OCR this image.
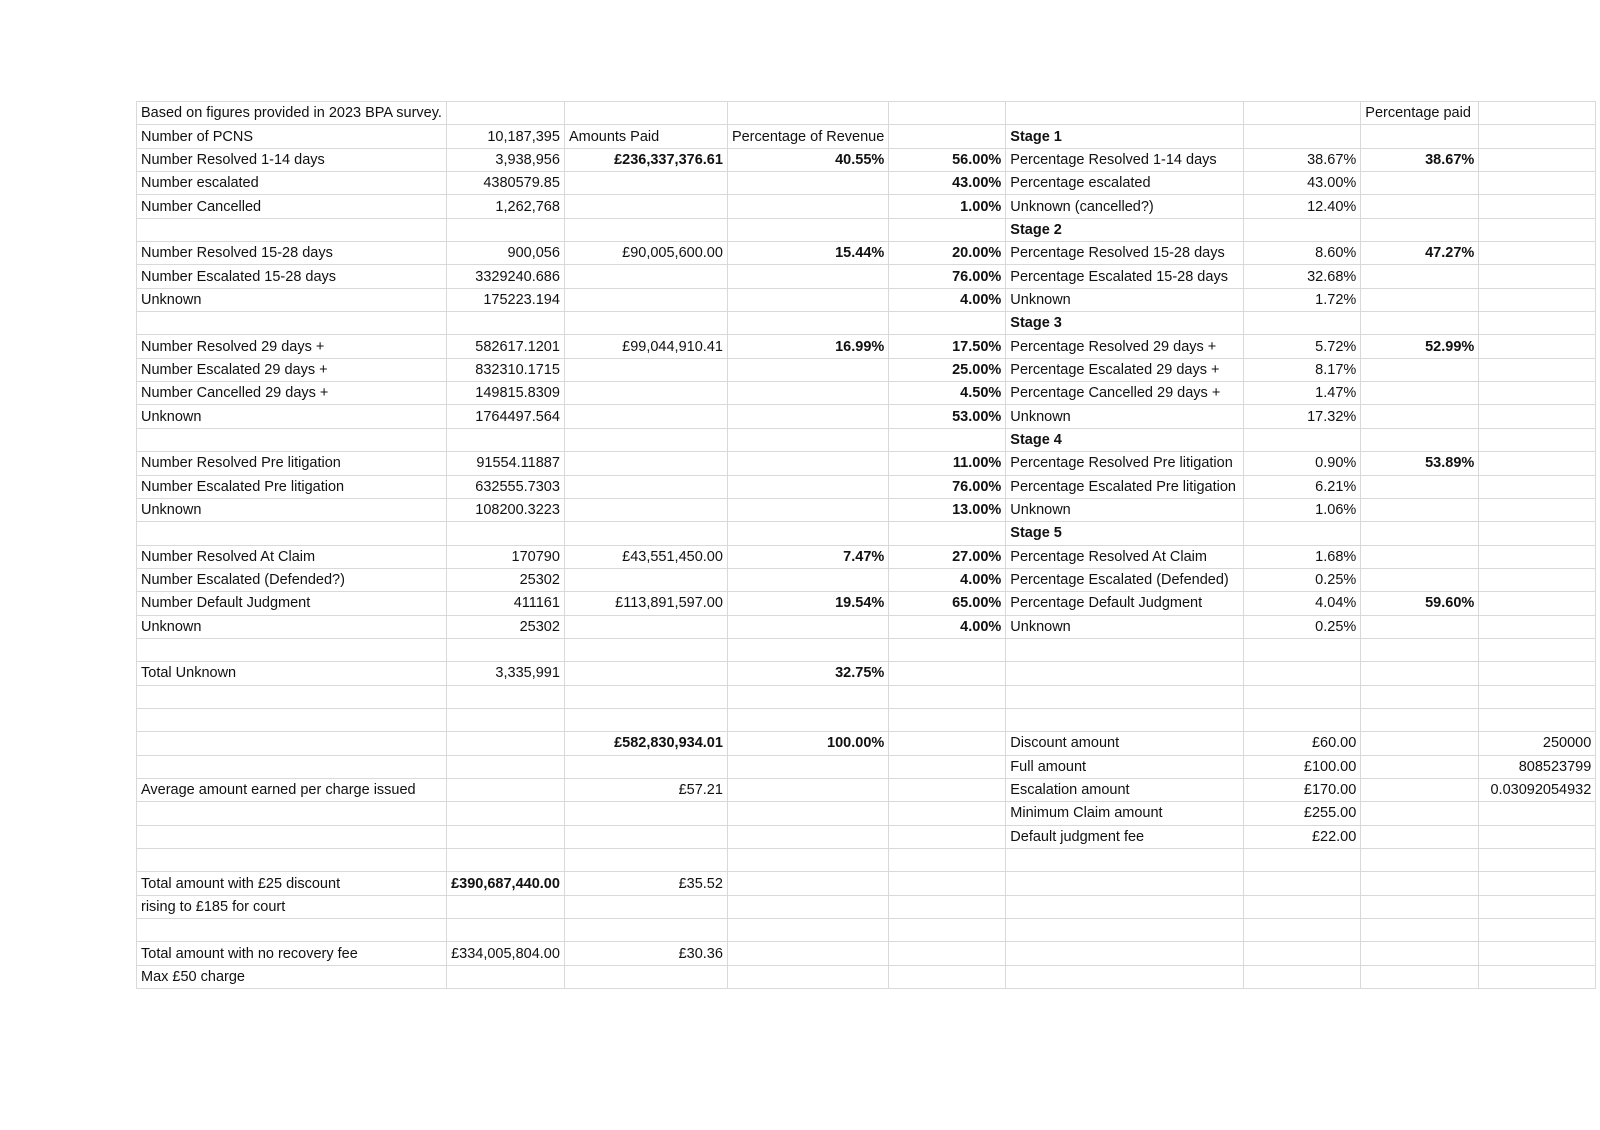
Based on figures provided in 2023 BPA survey.							Percentage paid	
Number of PCNS	10,187,395	Amounts Paid	Percentage of Revenue		Stage 1			
Number Resolved 1-14 days	3,938,956	£236,337,376.61	40.55%	56.00%	Percentage Resolved 1-14 days	38.67%	38.67%	
Number escalated	4380579.85			43.00%	Percentage escalated	43.00%		
Number Cancelled	1,262,768			1.00%	Unknown (cancelled?)	12.40%		
					Stage 2			
Number Resolved 15-28 days	900,056	£90,005,600.00	15.44%	20.00%	Percentage Resolved 15-28 days	8.60%	47.27%	
Number Escalated 15-28 days	3329240.686			76.00%	Percentage Escalated 15-28 days	32.68%		
Unknown	175223.194			4.00%	Unknown	1.72%		
					Stage 3			
Number Resolved 29 days +	582617.1201	£99,044,910.41	16.99%	17.50%	Percentage Resolved 29 days +	5.72%	52.99%	
Number Escalated 29 days +	832310.1715			25.00%	Percentage Escalated 29 days +	8.17%		
Number Cancelled 29 days +	149815.8309			4.50%	Percentage Cancelled 29 days +	1.47%		
Unknown	1764497.564			53.00%	Unknown	17.32%		
					Stage 4			
Number Resolved Pre litigation	91554.11887			11.00%	Percentage Resolved Pre litigation	0.90%	53.89%	
Number Escalated Pre litigation	632555.7303			76.00%	Percentage Escalated Pre litigation	6.21%		
Unknown	108200.3223			13.00%	Unknown	1.06%		
					Stage 5			
Number Resolved At Claim	170790	£43,551,450.00	7.47%	27.00%	Percentage Resolved At Claim	1.68%		
Number Escalated (Defended?)	25302			4.00%	Percentage Escalated (Defended)	0.25%		
Number Default Judgment	411161	£113,891,597.00	19.54%	65.00%	Percentage Default Judgment	4.04%	59.60%	
Unknown	25302			4.00%	Unknown	0.25%		

Total Unknown	3,335,991		32.75%					

		£582,830,934.01	100.00%		Discount amount	£60.00		250000
					Full amount	£100.00		808523799
Average amount earned per charge issued		£57.21			Escalation amount	£170.00		0.03092054932
					Minimum Claim amount	£255.00		
					Default judgment fee	£22.00		

Total amount with £25 discount	£390,687,440.00	£35.52						
rising to £185 for court								

Total amount with no recovery fee	£334,005,804.00	£30.36						
Max £50 charge								
